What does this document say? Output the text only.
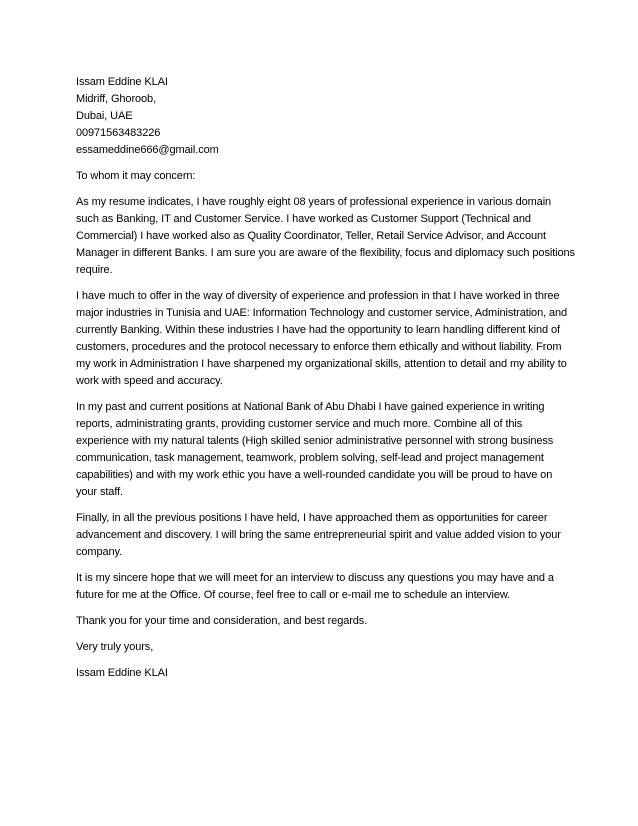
Issam Eddine KLAI
Midriff, Ghoroob,
Dubai, UAE
00971563483226
essameddine666@gmail.com

To whom it may concern:

As my resume indicates, I have roughly eight 08 years of professional experience in various domain such as Banking, IT and Customer Service. I have worked as Customer Support (Technical and Commercial) I have worked also as Quality Coordinator, Teller, Retail Service Advisor, and Account Manager in different Banks. I am sure you are aware of the flexibility, focus and diplomacy such positions require.

I have much to offer in the way of diversity of experience and profession in that I have worked in three major industries in Tunisia and UAE: Information Technology and customer service, Administration, and currently Banking. Within these industries I have had the opportunity to learn handling different kind of customers, procedures and the protocol necessary to enforce them ethically and without liability. From my work in Administration I have sharpened my organizational skills, attention to detail and my ability to work with speed and accuracy.

In my past and current positions at National Bank of Abu Dhabi I have gained experience in writing reports, administrating grants, providing customer service and much more. Combine all of this experience with my natural talents (High skilled senior administrative personnel with strong business communication, task management, teamwork, problem solving, self-lead and project management capabilities) and with my work ethic you have a well-rounded candidate you will be proud to have on your staff.

Finally, in all the previous positions I have held, I have approached them as opportunities for career advancement and discovery. I will bring the same entrepreneurial spirit and value added vision to your company.

It is my sincere hope that we will meet for an interview to discuss any questions you may have and a future for me at the Office. Of course, feel free to call or e-mail me to schedule an interview.

Thank you for your time and consideration, and best regards.

Very truly yours,

Issam Eddine KLAI
